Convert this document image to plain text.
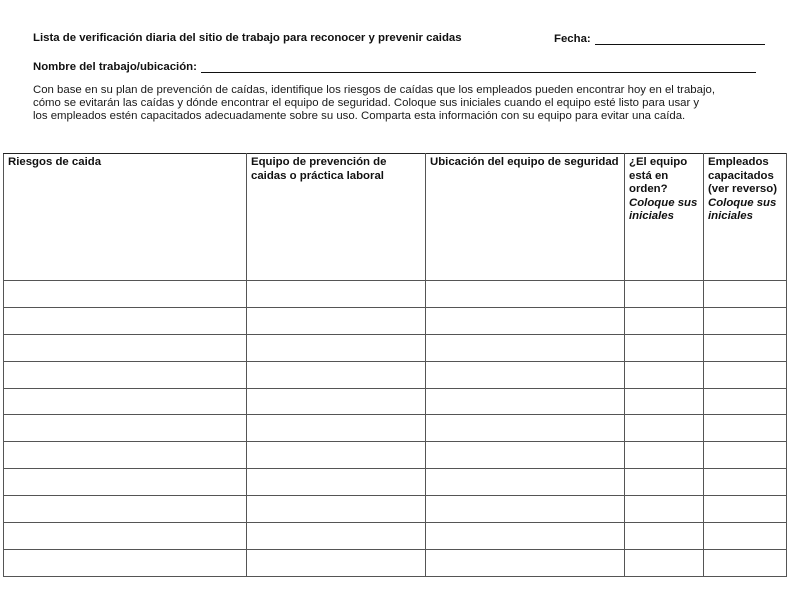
Lista de verificación diaria del sitio de trabajo para reconocer y prevenir caidas	Fecha:
Nombre del trabajo/ubicación:
Con base en su plan de prevención de caídas, identifique los riesgos de caídas que los empleados pueden encontrar hoy en el trabajo,
cómo se evitarán las caídas y dónde encontrar el equipo de seguridad. Coloque sus iniciales cuando el equipo esté listo para usar y
los empleados estén capacitados adecuadamente sobre su uso. Comparta esta información con su equipo para evitar una caída.
Riesgos de caida	Equipo de prevención de caidas o práctica laboral	Ubicación del equipo de seguridad	¿El equipo está en orden? Coloque sus iniciales	Empleados capacitados (ver reverso) Coloque sus iniciales
